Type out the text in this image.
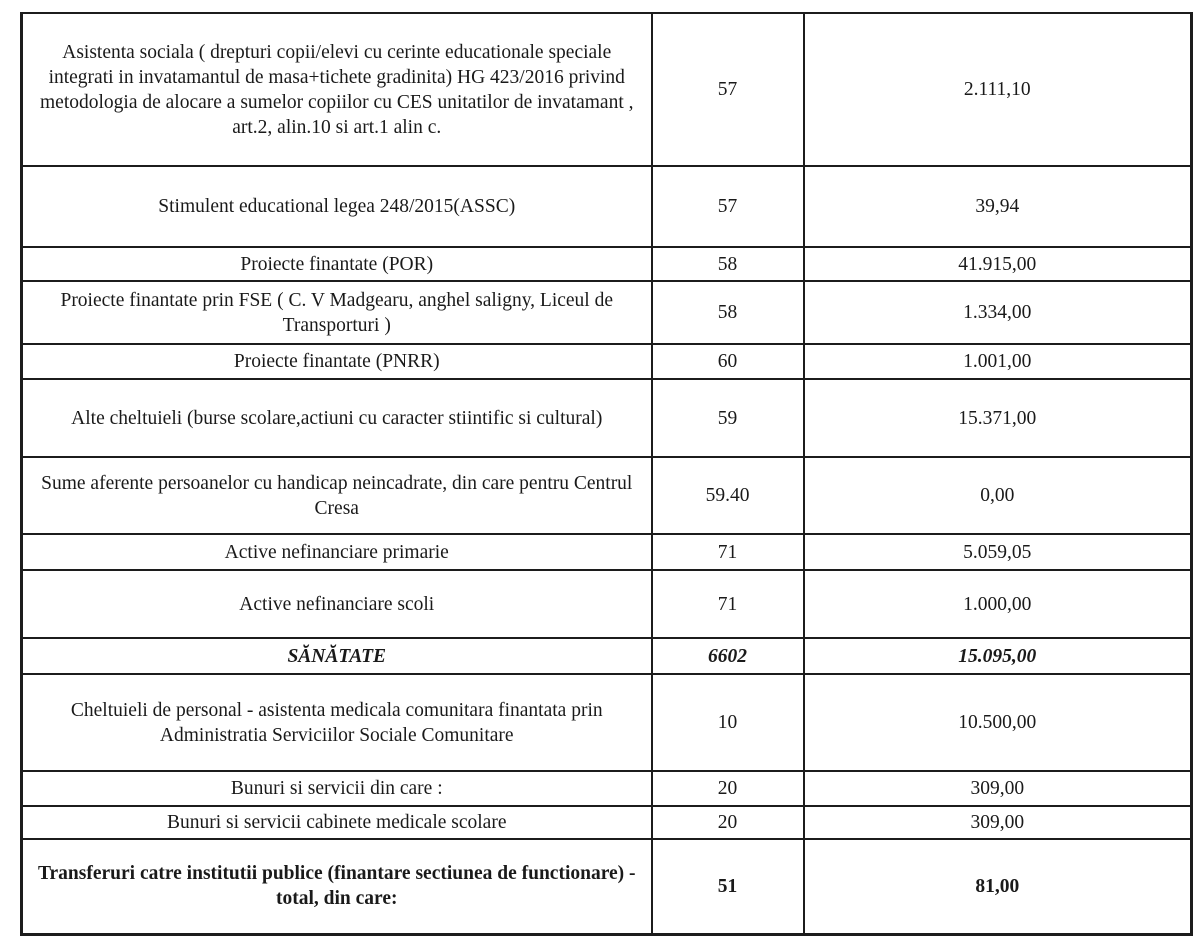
Asistenta sociala ( drepturi copii/elevi cu cerinte educationale speciale integrati in invatamantul de masa+tichete gradinita) HG 423/2016 privind metodologia de alocare a sumelor copiilor cu CES unitatilor de invatamant , art.2, alin.10 si art.1 alin c.	57	2.111,10
Stimulent educational legea 248/2015(ASSC)	57	39,94
Proiecte finantate (POR)	58	41.915,00
Proiecte finantate prin FSE ( C. V Madgearu, anghel saligny, Liceul de Transporturi )	58	1.334,00
Proiecte finantate (PNRR)	60	1.001,00
Alte cheltuieli (burse scolare,actiuni cu caracter stiintific si cultural)	59	15.371,00
Sume aferente persoanelor cu handicap neincadrate, din care pentru Centrul Cresa	59.40	0,00
Active nefinanciare primarie	71	5.059,05
Active nefinanciare scoli	71	1.000,00
SĂNĂTATE	6602	15.095,00
Cheltuieli de personal - asistenta medicala comunitara finantata prin Administratia Serviciilor Sociale Comunitare	10	10.500,00
Bunuri si servicii din care :	20	309,00
Bunuri si servicii cabinete medicale scolare	20	309,00
Transferuri catre institutii publice (finantare sectiunea de functionare) - total, din care:	51	81,00
